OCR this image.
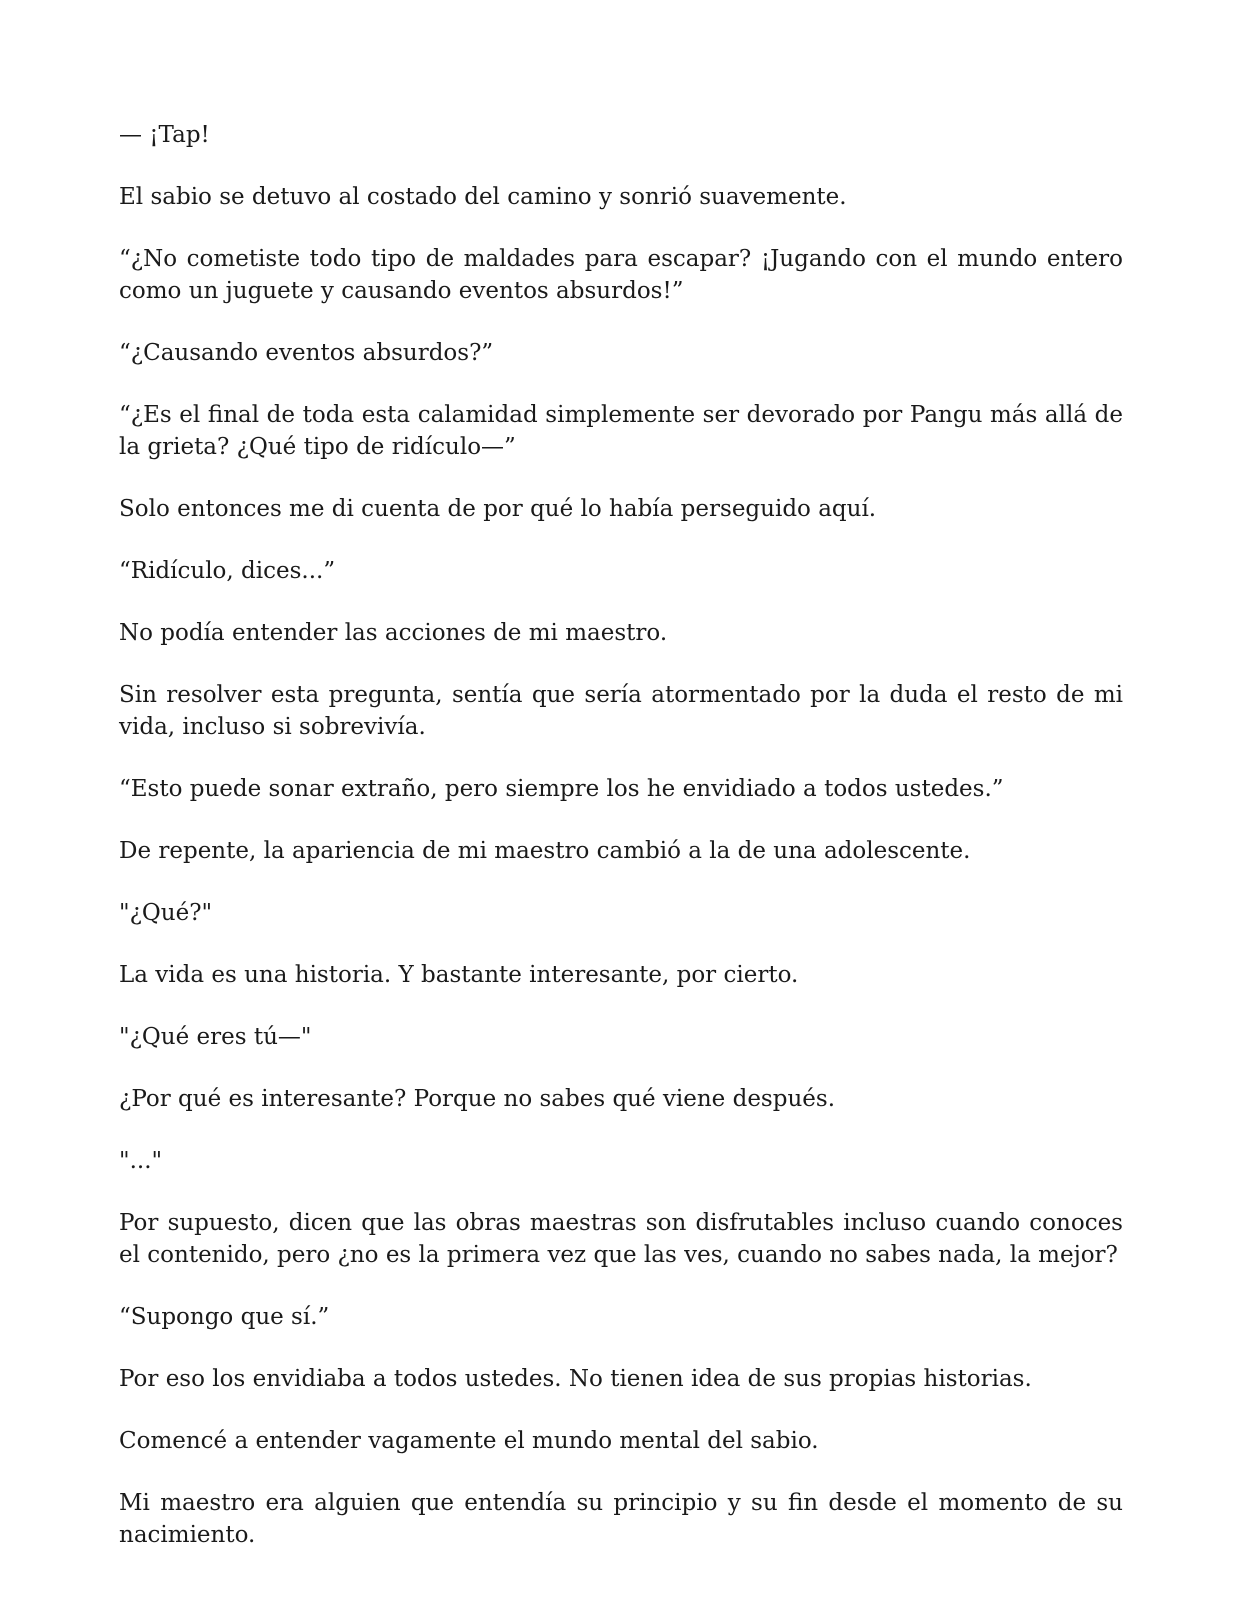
— ¡Tap!

El sabio se detuvo al costado del camino y sonrió suavemente.

“¿No cometiste todo tipo de maldades para escapar? ¡Jugando con el mundo entero como un juguete y causando eventos absurdos!”

“¿Causando eventos absurdos?”

“¿Es el final de toda esta calamidad simplemente ser devorado por Pangu más allá de la grieta? ¿Qué tipo de ridículo—”

Solo entonces me di cuenta de por qué lo había perseguido aquí.

“Ridículo, dices...”

No podía entender las acciones de mi maestro.

Sin resolver esta pregunta, sentía que sería atormentado por la duda el resto de mi vida, incluso si sobrevivía.

“Esto puede sonar extraño, pero siempre los he envidiado a todos ustedes.”

De repente, la apariencia de mi maestro cambió a la de una adolescente.

"¿Qué?"

La vida es una historia. Y bastante interesante, por cierto.

"¿Qué eres tú—"

¿Por qué es interesante? Porque no sabes qué viene después.

"..."

Por supuesto, dicen que las obras maestras son disfrutables incluso cuando conoces el contenido, pero ¿no es la primera vez que las ves, cuando no sabes nada, la mejor?

“Supongo que sí.”

Por eso los envidiaba a todos ustedes. No tienen idea de sus propias historias.

Comencé a entender vagamente el mundo mental del sabio.

Mi maestro era alguien que entendía su principio y su fin desde el momento de su nacimiento.
